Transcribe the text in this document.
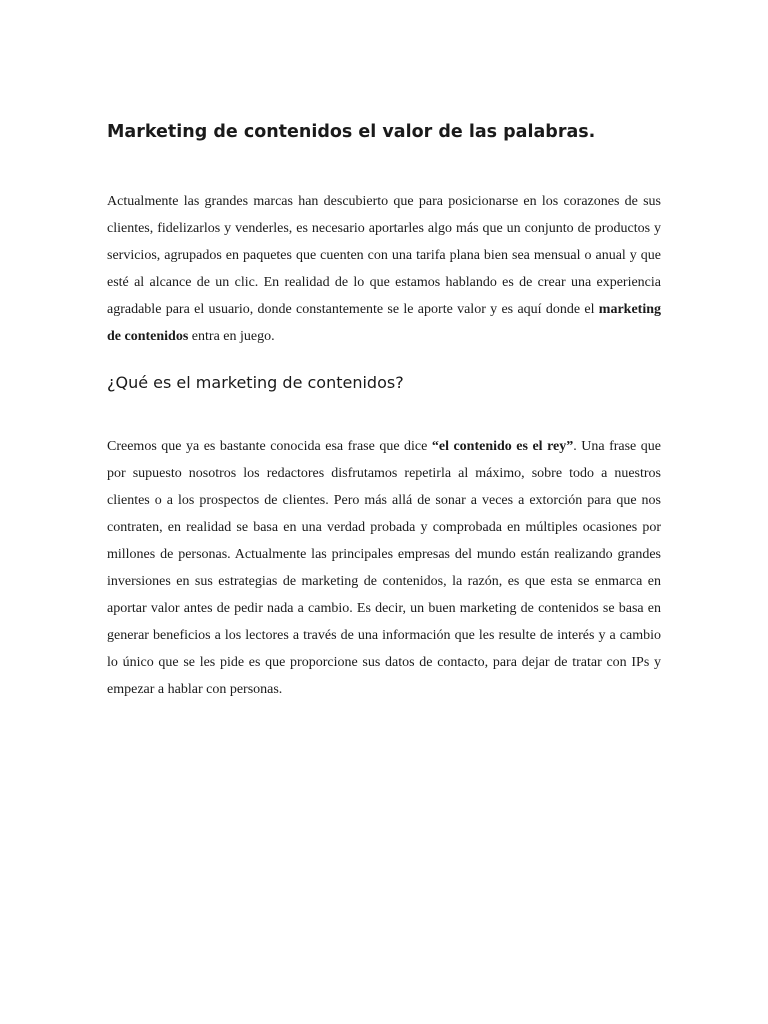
Marketing de contenidos el valor de las palabras.

Actualmente las grandes marcas han descubierto que para posicionarse en los corazones de sus clientes, fidelizarlos y venderles, es necesario aportarles algo más que un conjunto de productos y servicios, agrupados en paquetes que cuenten con una tarifa plana bien sea mensual o anual y que esté al alcance de un clic. En realidad de lo que estamos hablando es de crear una experiencia agradable para el usuario, donde constantemente se le aporte valor y es aquí donde el marketing de contenidos entra en juego.

¿Qué es el marketing de contenidos?

Creemos que ya es bastante conocida esa frase que dice “el contenido es el rey”. Una frase que por supuesto nosotros los redactores disfrutamos repetirla al máximo, sobre todo a nuestros clientes o a los prospectos de clientes. Pero más allá de sonar a veces a extorción para que nos contraten, en realidad se basa en una verdad probada y comprobada en múltiples ocasiones por millones de personas. Actualmente las principales empresas del mundo están realizando grandes inversiones en sus estrategias de marketing de contenidos, la razón, es que esta se enmarca en aportar valor antes de pedir nada a cambio. Es decir, un buen marketing de contenidos se basa en generar beneficios a los lectores a través de una información que les resulte de interés y a cambio lo único que se les pide es que proporcione sus datos de contacto, para dejar de tratar con IPs y empezar a hablar con personas.
